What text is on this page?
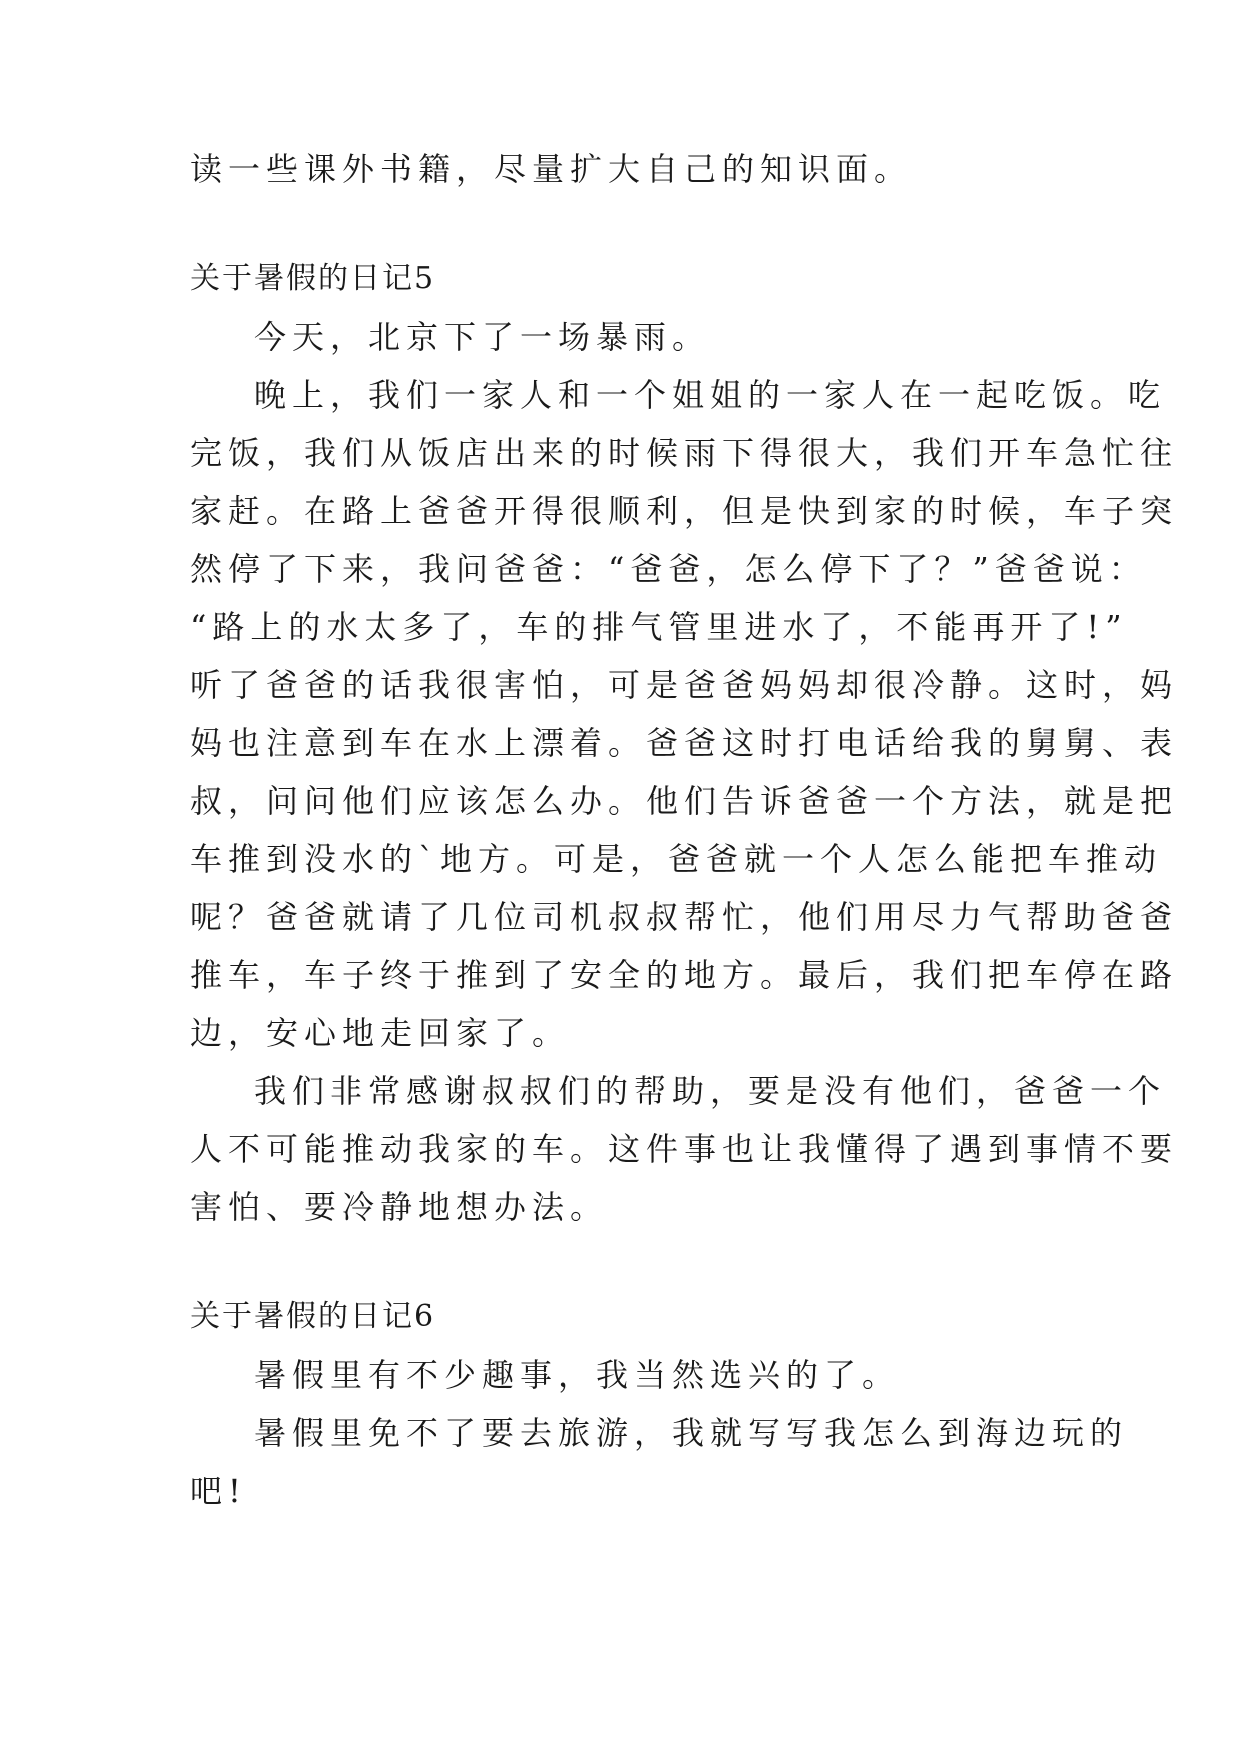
读一些课外书籍，尽量扩大自己的知识面。

关于暑假的日记5

今天，北京下了一场暴雨。

晚上，我们一家人和一个姐姐的一家人在一起吃饭。吃

完饭，我们从饭店出来的时候雨下得很大，我们开车急忙往

家赶。在路上爸爸开得很顺利，但是快到家的时候，车子突

然停了下来，我问爸爸：“爸爸，怎么停下了？”爸爸说：

“路上的水太多了，车的排气管里进水了，不能再开了!”

听了爸爸的话我很害怕，可是爸爸妈妈却很冷静。这时，妈

妈也注意到车在水上漂着。爸爸这时打电话给我的舅舅、表

叔，问问他们应该怎么办。他们告诉爸爸一个方法，就是把

车推到没水的`地方。可是，爸爸就一个人怎么能把车推动

呢？爸爸就请了几位司机叔叔帮忙，他们用尽力气帮助爸爸

推车，车子终于推到了安全的地方。最后，我们把车停在路

边，安心地走回家了。

我们非常感谢叔叔们的帮助，要是没有他们，爸爸一个

人不可能推动我家的车。这件事也让我懂得了遇到事情不要

害怕、要冷静地想办法。

关于暑假的日记6

暑假里有不少趣事，我当然选兴的了。

暑假里免不了要去旅游，我就写写我怎么到海边玩的

吧!
